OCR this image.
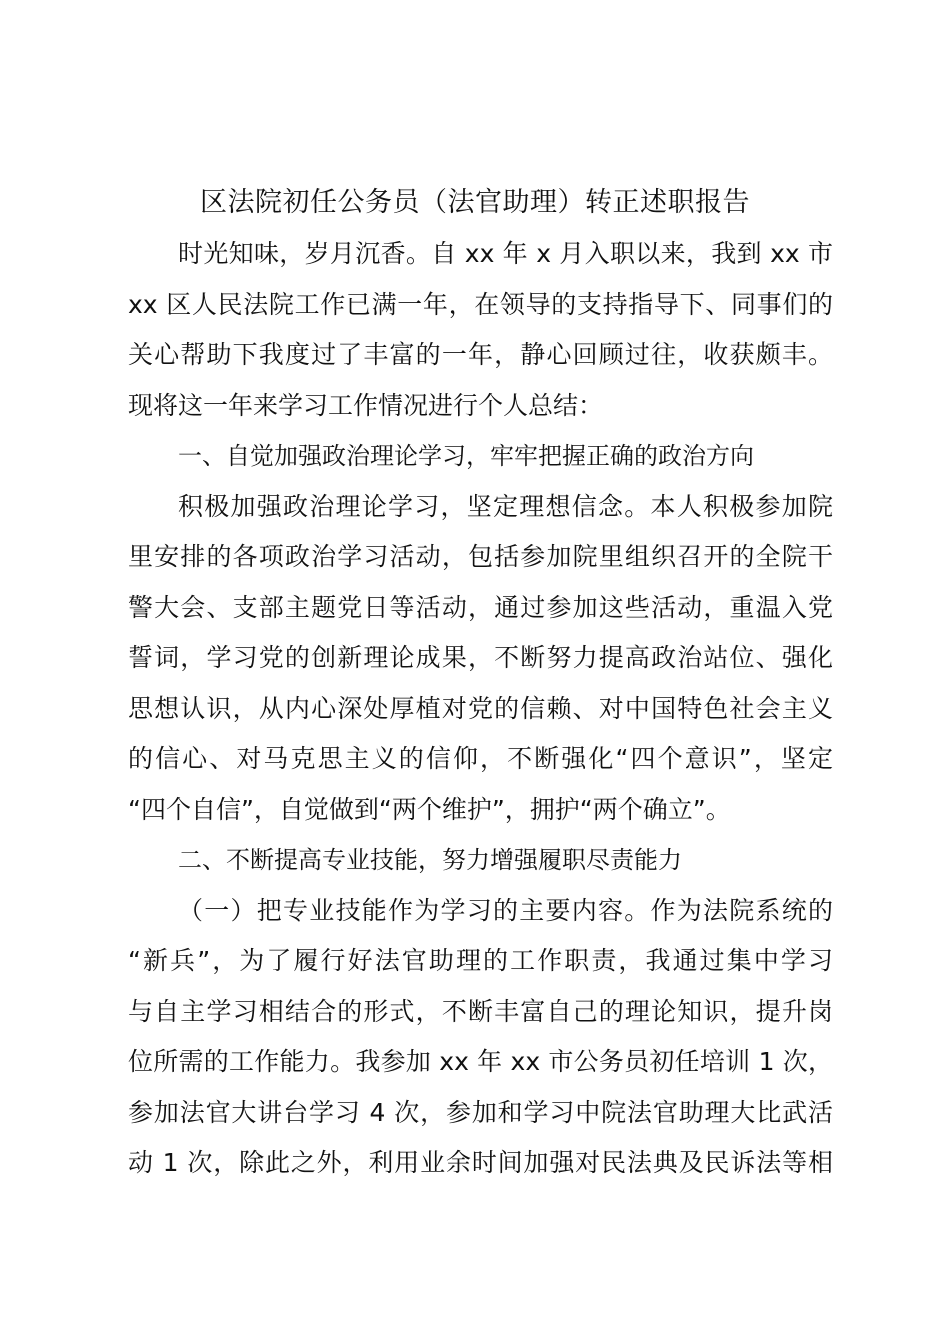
区法院初任公务员（法官助理）转正述职报告
时光知味，岁月沉香。自 xx 年 x 月入职以来，我到 xx 市
xx 区人民法院工作已满一年，在领导的支持指导下、同事们的
关心帮助下我度过了丰富的一年，静心回顾过往，收获颇丰。
现将这一年来学习工作情况进行个人总结：
一、自觉加强政治理论学习，牢牢把握正确的政治方向
积极加强政治理论学习，坚定理想信念。本人积极参加院
里安排的各项政治学习活动，包括参加院里组织召开的全院干
警大会、支部主题党日等活动，通过参加这些活动，重温入党
誓词，学习党的创新理论成果，不断努力提高政治站位、强化
思想认识，从内心深处厚植对党的信赖、对中国特色社会主义
的信心、对马克思主义的信仰，不断强化“四个意识”，坚定
“四个自信”，自觉做到“两个维护”，拥护“两个确立”。
二、不断提高专业技能，努力增强履职尽责能力
（一）把专业技能作为学习的主要内容。作为法院系统的
“新兵”，为了履行好法官助理的工作职责，我通过集中学习
与自主学习相结合的形式，不断丰富自己的理论知识，提升岗
位所需的工作能力。我参加 xx 年 xx 市公务员初任培训 1 次，
参加法官大讲台学习 4 次，参加和学习中院法官助理大比武活
动 1 次，除此之外，利用业余时间加强对民法典及民诉法等相
